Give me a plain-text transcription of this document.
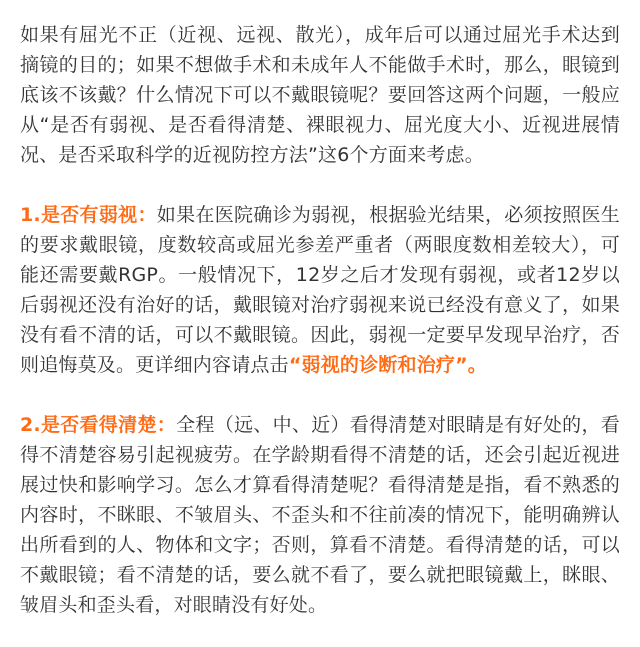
如果有屈光不正（近视、远视、散光），成年后可以通过屈光手术达到摘镜的目的；如果不想做手术和未成年人不能做手术时，那么，眼镜到底该不该戴？什么情况下可以不戴眼镜呢？要回答这两个问题，一般应从“是否有弱视、是否看得清楚、裸眼视力、屈光度大小、近视进展情况、是否采取科学的近视防控方法”这6个方面来考虑。

1.是否有弱视：如果在医院确诊为弱视，根据验光结果，必须按照医生的要求戴眼镜，度数较高或屈光参差严重者（两眼度数相差较大），可能还需要戴RGP。一般情况下，12岁之后才发现有弱视，或者12岁以后弱视还没有治好的话，戴眼镜对治疗弱视来说已经没有意义了，如果没有看不清的话，可以不戴眼镜。因此，弱视一定要早发现早治疗，否则追悔莫及。更详细内容请点击“弱视的诊断和治疗”。

2.是否看得清楚：全程（远、中、近）看得清楚对眼睛是有好处的，看得不清楚容易引起视疲劳。在学龄期看得不清楚的话，还会引起近视进展过快和影响学习。怎么才算看得清楚呢？看得清楚是指，看不熟悉的内容时，不眯眼、不皱眉头、不歪头和不往前凑的情况下，能明确辨认出所看到的人、物体和文字；否则，算看不清楚。看得清楚的话，可以不戴眼镜；看不清楚的话，要么就不看了，要么就把眼镜戴上，眯眼、皱眉头和歪头看，对眼睛没有好处。
